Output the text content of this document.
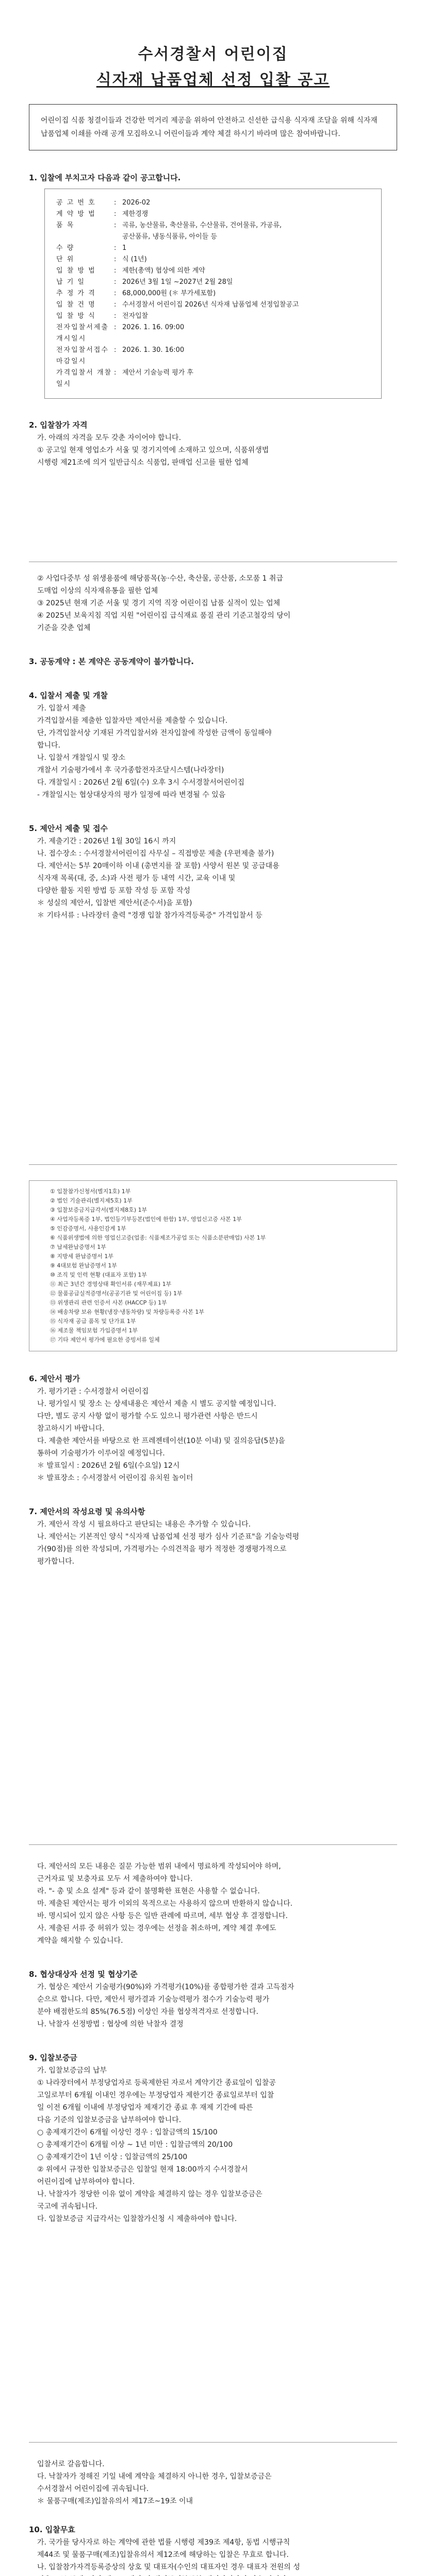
수서경찰서 어린이집
식자재 납품업체 선정 입찰 공고
어린이집 식품 청결이들과 건강한 먹거리 제공을 위하여 안전하고 신선한 급식용 식자재 조달을 위해 식자재 납품업체 이쇄를 아래 공개 모집하오니 어린이들과 계약 체결 하시기 바라며 많은 참여바랍니다.

1. 입찰에 부치고자 다음과 같이 공고합니다.

공 고 번 호	: 2026-02
계 약 방 법	: 제한경쟁
품 목	: 곡류, 농산물류, 축산물류, 수산물류, 건어물류, 가공류,
공산품류, 냉동식품류, 아이들 등
수 량	: 1
단 위	: 식 (1년)
입 찰 방 법	: 제한(총액) 협상에 의한 계약
납 기 일	: 2026년 3월 1일 ~2027년 2월 28일
추 정 가 격	: 68,000,000원 (＊ 부가세포함)
입 찰 건 명	: 수서경찰서 어린이집 2026년 식자재 납품업체 선정입찰공고
입 찰 방 식	: 전자입찰
전자입찰서제출개시일시
: 2026. 1. 16. 09:00
전자입찰서접수마감일시
: 2026. 1. 30. 16:00
가격입찰서 개찰일시
: 제안서 기술능력 평가 후

2. 입찰참가 자격

가. 아래의 자격을 모두 갖춘 자이어야 합니다.

① 공고일 현재 영업소가 서울 및 경기지역에 소재하고 있으며, 식품위생법

시행령 제21조에 의거 일반급식소 식품업, 판매업 신고를 필한 업체

② 사업다중부 성 위생용품에 해당품목(농·수산, 축산물, 공산품, 소모품 1 취급

도매업 이상의 식자재유통을 필한 업체

③ 2025년 현재 기준 서울 및 경기 지역 직장 어린이집 납품 실적이 있는 업체

④ 2025년 보육지침 직업 지원 "어린이집 급식재료 품질 관리 기준고철강의 당이

기준을 갖춘 업체

3. 공동계약 : 본 계약은 공동계약이 불가합니다.

4. 입찰서 제출 및 개찰

가. 입찰서 제출

가격입찰서를 제출한 입찰자만 제안서를 제출할 수 있습니다.

단, 가격입찰서상 기재된 가격입찰서와 전자입찰에 작성한 금액이 동일해야

합니다.

나. 입찰서 개찰일시 및 장소

개찰서 기술평가에서 후 국가종합전자조달시스템(나라장터)

다. 개찰일시 : 2026년 2월 6일(수) 오후 3시 수서경찰서어린이집

- 개찰일시는 협상대상자의 평가 일정에 따라 변경될 수 있음

5. 제안서 제출 및 접수

가. 제출기간 : 2026년 1월 30일 16시 까지

나. 접수장소 : 수서경찰서어린이집 사무실 – 직접방문 제출 (우편제출 불가)

다. 제안서는 5부 20매이하 이내 (총면지를 잘 포함) 사양서 원본 및 공급대용

식자재 목록(대, 중, 소)과 사전 평가 등 내역 시간, 교육 이내 및

다양한 활동 지원 방법 등 포함 작성 등 포함 작성

＊ 성실의 제안서, 입찰번 제안서(준수서)을 포함)

＊ 기타서류 : 나라장터 출력 "경쟁 입찰 참가자격등록증" 가격입찰서 등

① 입찰참가신청서(별지1호) 1부
② 법인 기술관리(별지제5호) 1부
③ 입찰보증금지급각서(별지제8호) 1부
④ 사업자등록증 1부, 법인등기부등본(법인에 한함) 1부, 영업신고증 사본 1부
⑤ 인감증명서, 사용인감계 1부
⑥ 식품위생법에 의한 영업신고증(업종: 식품제조가공업 또는 식품소분판매업) 사본 1부
⑦ 납세완납증명서 1부
⑧ 지방세 완납증명서 1부
⑨ 4대보험 완납증명서 1부
⑩ 조직 및 인력 현황 (대표자 포함) 1부
⑪ 최근 3년간 경영상태 확인서류 (재무제표) 1부
⑫ 물품공급실적증명서(공공기관 및 어린이집 등) 1부
⑬ 위생관리 관련 인증서 사본 (HACCP 등) 1부
⑭ 배송차량 보유 현황(냉장·냉동차량) 및 차량등록증 사본 1부
⑮ 식자재 공급 품목 및 단가표 1부
⑯ 제조물 책임보험 가입증명서 1부
⑰ 기타 제안서 평가에 필요한 증빙서류 일체

6. 제안서 평가

가. 평가기관 : 수서경찰서 어린이집

나. 평가일시 및 장소 는 상세내용은 제안서 제출 시 별도 공지할 예정입니다.

다만, 별도 공지 사항 없이 평가할 수도 있으니 평가관련 사항은 반드시

참고하시기 바랍니다.

다. 제출한 제안서를 바탕으로 한 프레젠테이션(10분 이내) 및 질의응답(5분)을

통하여 기술평가가 이루어질 예정입니다.

＊ 발표일시 : 2026년 2월 6일(수요일) 12시

＊ 발표장소 : 수서경찰서 어린이집 유치원 놀이터

7. 제안서의 작성요령 및 유의사항

가. 제안서 작성 시 필요하다고 판단되는 내용은 추가할 수 있습니다.

나. 제안서는 기본적인 양식 "식자재 납품업체 선정 평가 심사 기준표"을 기술능력평

가(90점)를 의한 작성되며, 가격평가는 수의견적을 평가 적정한 경쟁평가적으로

평가합니다.

다. 제안서의 모든 내용은 질문 가능한 범위 내에서 명료하게 작성되어야 하며,

근거자료 및 보충자료 모두 서 제출하여야 합니다.

라. "- 총 및 소요 설계" 등과 같이 불명확한 표현은 사용할 수 없습니다.

마. 제출된 제안서는 평가 이외의 목적으로는 사용하지 않으며 반환하지 않습니다.

바. 명시되어 있지 않은 사항 등은 일반 관례에 따르며, 세부 협상 후 결정합니다.

사. 제출된 서류 중 허위가 있는 경우에는 선정을 취소하며, 계약 체결 후에도

계약을 해지할 수 있습니다.

8. 협상대상자 선정 및 협상기준

가. 협상은 제안서 기술평가(90%)와 가격평가(10%)를 종합평가한 결과 고득점자

순으로 합니다. 다만, 제안서 평가결과 기술능력평가 점수가 기술능력 평가

분야 배점한도의 85%(76.5점) 이상인 자를 협상적격자로 선정합니다.

나. 낙찰자 선정방법 : 협상에 의한 낙찰자 결정

9. 입찰보증금

가. 입찰보증금의 납부

① 나라장터에서 부정당업자로 등록제한된 자로서 계약기간 종료일이 입찰공

고일로부터 6개월 이내인 경우에는 부정당업자 제한기간 종료일로부터 입찰

일 이전 6개월 이내에 부정당업자 제재기간 종료 후 재제 기간에 따른

다음 기준의 입찰보증금을 납부하여야 합니다.

○ 총제재기간이 6개월 이상인 경우 : 입찰금액의 15/100

○ 총제재기간이 6개월 이상 ~ 1년 미만 : 입찰금액의 20/100

○ 총제재기간이 1년 이상 : 입찰금액의 25/100

② 위에서 규정한 입찰보증금은 입찰일 현재 18:00까지 수서경찰서

어린이집에 납부하여야 합니다.

나. 낙찰자가 정당한 이유 없이 계약을 체결하지 않는 경우 입찰보증금은

국고에 귀속됩니다.

다. 입찰보증금 지급각서는 입찰참가신청 시 제출하여야 합니다.

입찰서로 갈음합니다.

다. 낙찰자가 정해진 기일 내에 계약을 체결하지 아니한 경우, 입찰보증금은

수서경찰서 어린이집에 귀속됩니다.

＊ 물품구매(제조)입찰유의서 제17조~19조 이내

10. 입찰무효

가. 국가를 당사자로 하는 계약에 관한 법률 시행령 제39조 제4항, 동법 시행규칙

제44조 및 물품구매(제조)입찰유의서 제12조에 해당하는 입찰은 무효로 합니다.

나. 입찰참가자격등록증상의 상호 및 대표자(수인의 대표자인 경우 대표자 전원의 성
